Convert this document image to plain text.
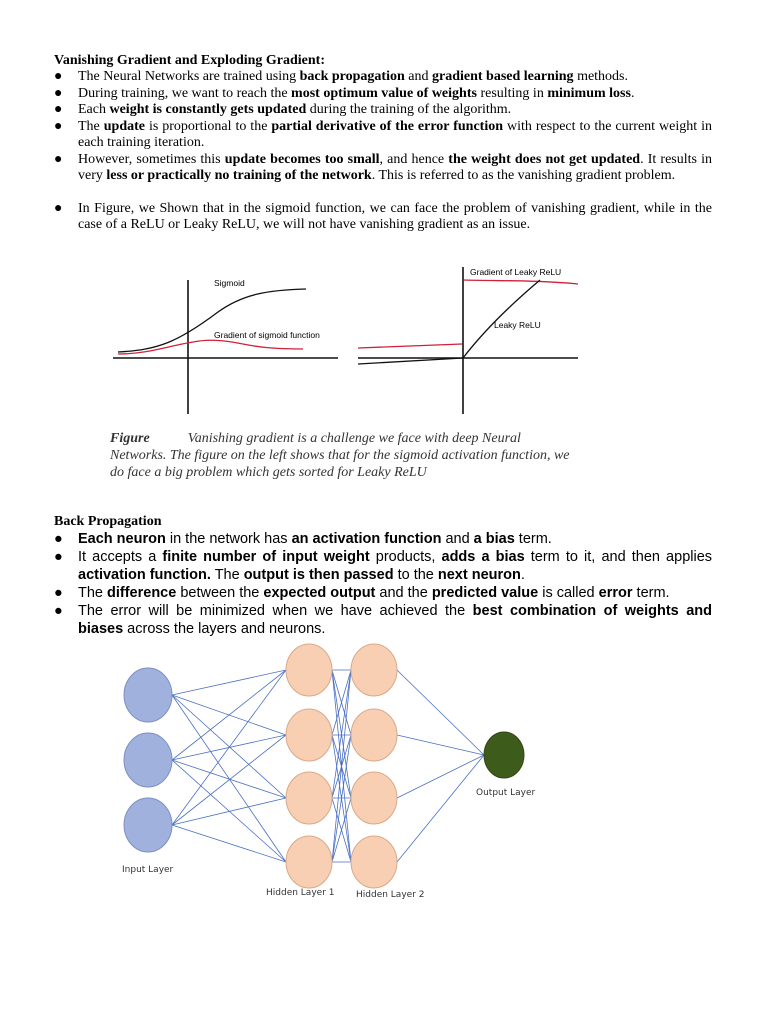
Vanishing Gradient and Exploding Gradient:
● The Neural Networks are trained using back propagation and gradient based learning methods.
● During training, we want to reach the most optimum value of weights resulting in minimum loss.
● Each weight is constantly gets updated during the training of the algorithm.
● The update is proportional to the partial derivative of the error function with respect to the current weight in each training iteration.
● However, sometimes this update becomes too small, and hence the weight does not get updated. It results in very less or practically no training of the network. This is referred to as the vanishing gradient problem.
● In Figure, we Shown that in the sigmoid function, we can face the problem of vanishing gradient, while in the case of a ReLU or Leaky ReLU, we will not have vanishing gradient as an issue.
Sigmoid
Gradient of sigmoid function
Gradient of Leaky ReLU
Leaky ReLU
Figure	Vanishing gradient is a challenge we face with deep Neural Networks. The figure on the left shows that for the sigmoid activation function, we do face a big problem which gets sorted for Leaky ReLU
Back Propagation
● Each neuron in the network has an activation function and a bias term.
● It accepts a finite number of input weight products, adds a bias term to it, and then applies activation function. The output is then passed to the next neuron.
● The difference between the expected output and the predicted value is called error term.
● The error will be minimized when we have achieved the best combination of weights and biases across the layers and neurons.
Input Layer
Hidden Layer 1 Hidden Layer 2
Output Layer
